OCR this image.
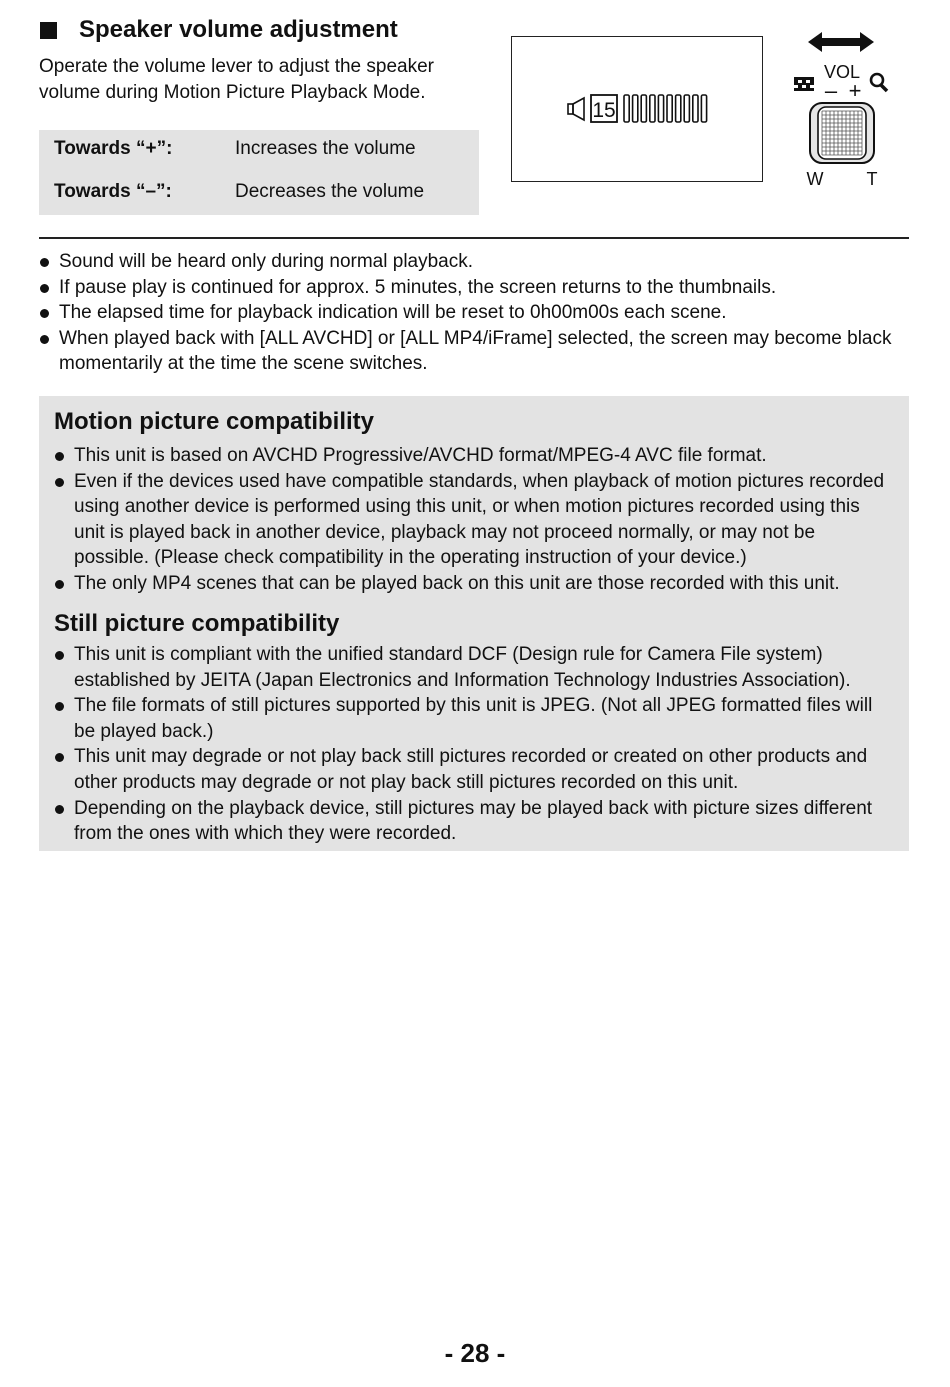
Speaker volume adjustment
Operate the volume lever to adjust the speaker volume during Motion Picture Playback Mode.
Towards “+”:	Increases the volume
Towards “–”:	Decreases the volume
15
VOL
– +
W T
Sound will be heard only during normal playback.
If pause play is continued for approx. 5 minutes, the screen returns to the thumbnails.
The elapsed time for playback indication will be reset to 0h00m00s each scene.
When played back with [ALL AVCHD] or [ALL MP4/iFrame] selected, the screen may become black momentarily at the time the scene switches.
Motion picture compatibility
This unit is based on AVCHD Progressive/AVCHD format/MPEG-4 AVC file format.
Even if the devices used have compatible standards, when playback of motion pictures recorded using another device is performed using this unit, or when motion pictures recorded using this unit is played back in another device, playback may not proceed normally, or may not be possible. (Please check compatibility in the operating instruction of your device.)
The only MP4 scenes that can be played back on this unit are those recorded with this unit.
Still picture compatibility
This unit is compliant with the unified standard DCF (Design rule for Camera File system) established by JEITA (Japan Electronics and Information Technology Industries Association).
The file formats of still pictures supported by this unit is JPEG. (Not all JPEG formatted files will be played back.)
This unit may degrade or not play back still pictures recorded or created on other products and other products may degrade or not play back still pictures recorded on this unit.
Depending on the playback device, still pictures may be played back with picture sizes different from the ones with which they were recorded.
- 28 -
